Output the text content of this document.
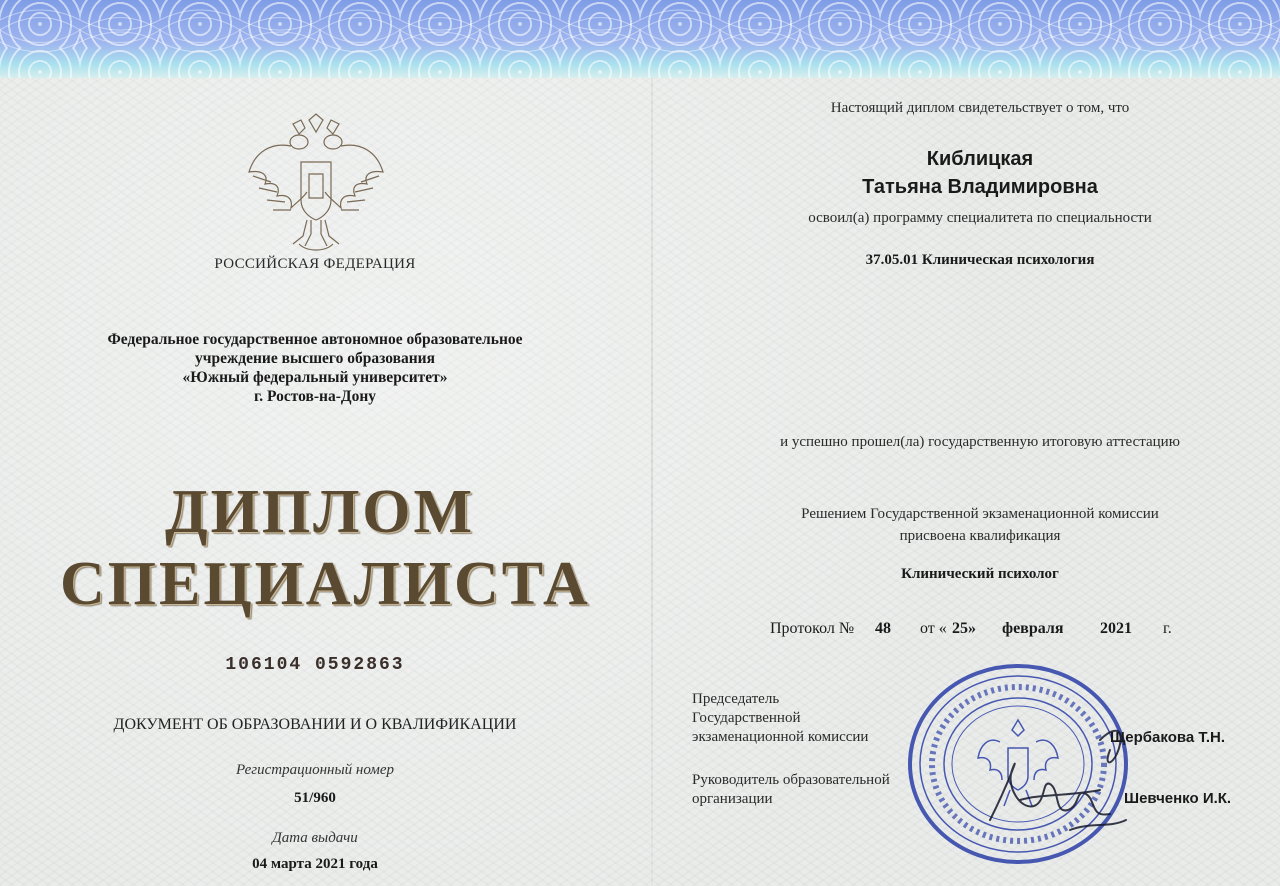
РОССИЙСКАЯ ФЕДЕРАЦИЯ
Федеральное государственное автономное образовательное
учреждение высшего образования
«Южный федеральный университет»
г. Ростов-на-Дону
ДИПЛОМ
СПЕЦИАЛИСТА
106104 0592863
ДОКУМЕНТ ОБ ОБРАЗОВАНИИ И О КВАЛИФИКАЦИИ
Регистрационный номер
51/960
Дата выдачи
04 марта 2021 года
Настоящий диплом свидетельствует о том, что
Киблицкая
Татьяна Владимировна
освоил(а) программу специалитета по специальности
37.05.01 Клиническая психология
и успешно прошел(ла) государственную итоговую аттестацию
Решением Государственной экзаменационной комиссии
присвоена квалификация
Клинический психолог
Протокол № 48 от « 25» февраля 2021 г.
Председатель
Государственной
экзаменационной комиссии
Руководитель образовательной
организации
Щербакова Т.Н.
Шевченко И.К.
